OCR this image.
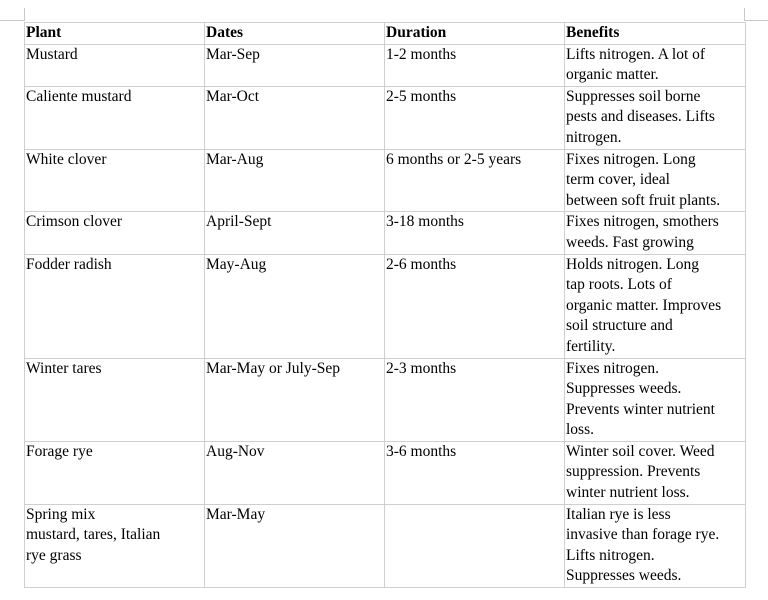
Plant	Dates	Duration	Benefits

Mustard	Mar-Sep	1-2 months	Lifts nitrogen. A lot of
organic matter.

Caliente mustard	Mar-Oct	2-5 months	Suppresses soil borne
pests and diseases. Lifts
nitrogen.

White clover	Mar-Aug	6 months or 2-5 years	Fixes nitrogen. Long
term cover, ideal
between soft fruit plants.

Crimson clover	April-Sept	3-18 months	Fixes nitrogen, smothers
weeds. Fast growing

Fodder radish	May-Aug	2-6 months	Holds nitrogen. Long
tap roots. Lots of
organic matter. Improves
soil structure and
fertility.

Winter tares	Mar-May or July-Sep	2-3 months	Fixes nitrogen.
Suppresses weeds.
Prevents winter nutrient
loss.

Forage rye	Aug-Nov	3-6 months	Winter soil cover. Weed
suppression. Prevents
winter nutrient loss.

Spring mix
mustard, tares, Italian
rye grass	Mar-May		Italian rye is less
invasive than forage rye.
Lifts nitrogen.
Suppresses weeds.
